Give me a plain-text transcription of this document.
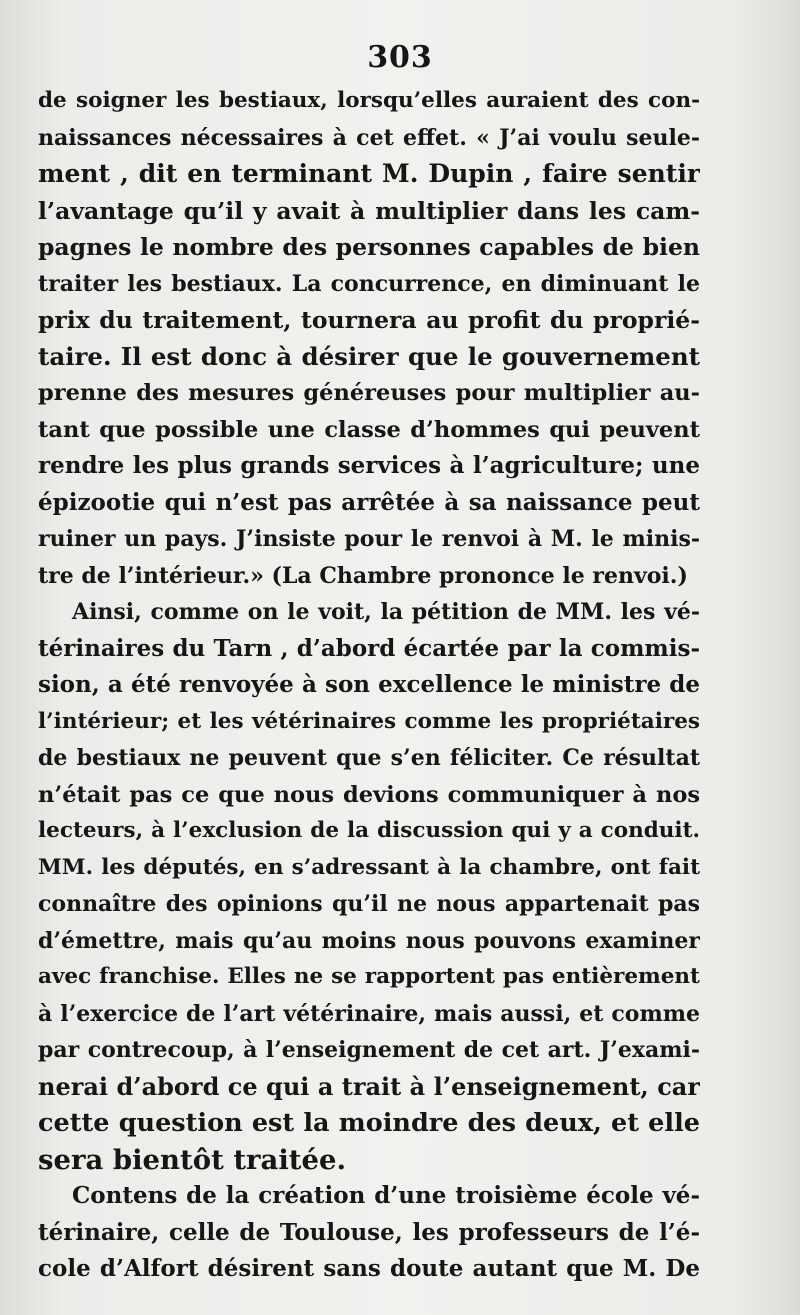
303
de soigner les bestiaux, lorsqu’elles auraient des con-
naissances nécessaires à cet effet. « J’ai voulu seule-
ment , dit en terminant M. Dupin , faire sentir
l’avantage qu’il y avait à multiplier dans les cam-
pagnes le nombre des personnes capables de bien
traiter les bestiaux. La concurrence, en diminuant le
prix du traitement, tournera au profit du proprié-
taire. Il est donc à désirer que le gouvernement
prenne des mesures généreuses pour multiplier au-
tant que possible une classe d’hommes qui peuvent
rendre les plus grands services à l’agriculture; une
épizootie qui n’est pas arrêtée à sa naissance peut
ruiner un pays. J’insiste pour le renvoi à M. le minis-
tre de l’intérieur.» (La Chambre prononce le renvoi.)
Ainsi, comme on le voit, la pétition de MM. les vé-
térinaires du Tarn , d’abord écartée par la commis-
sion, a été renvoyée à son excellence le ministre de
l’intérieur; et les vétérinaires comme les propriétaires
de bestiaux ne peuvent que s’en féliciter. Ce résultat
n’était pas ce que nous devions communiquer à nos
lecteurs, à l’exclusion de la discussion qui y a conduit.
MM. les députés, en s’adressant à la chambre, ont fait
connaître des opinions qu’il ne nous appartenait pas
d’émettre, mais qu’au moins nous pouvons examiner
avec franchise. Elles ne se rapportent pas entièrement
à l’exercice de l’art vétérinaire, mais aussi, et comme
par contrecoup, à l’enseignement de cet art. J’exami-
nerai d’abord ce qui a trait à l’enseignement, car
cette question est la moindre des deux, et elle
sera bientôt traitée.
Contens de la création d’une troisième école vé-
térinaire, celle de Toulouse, les professeurs de l’é-
cole d’Alfort désirent sans doute autant que M. De
